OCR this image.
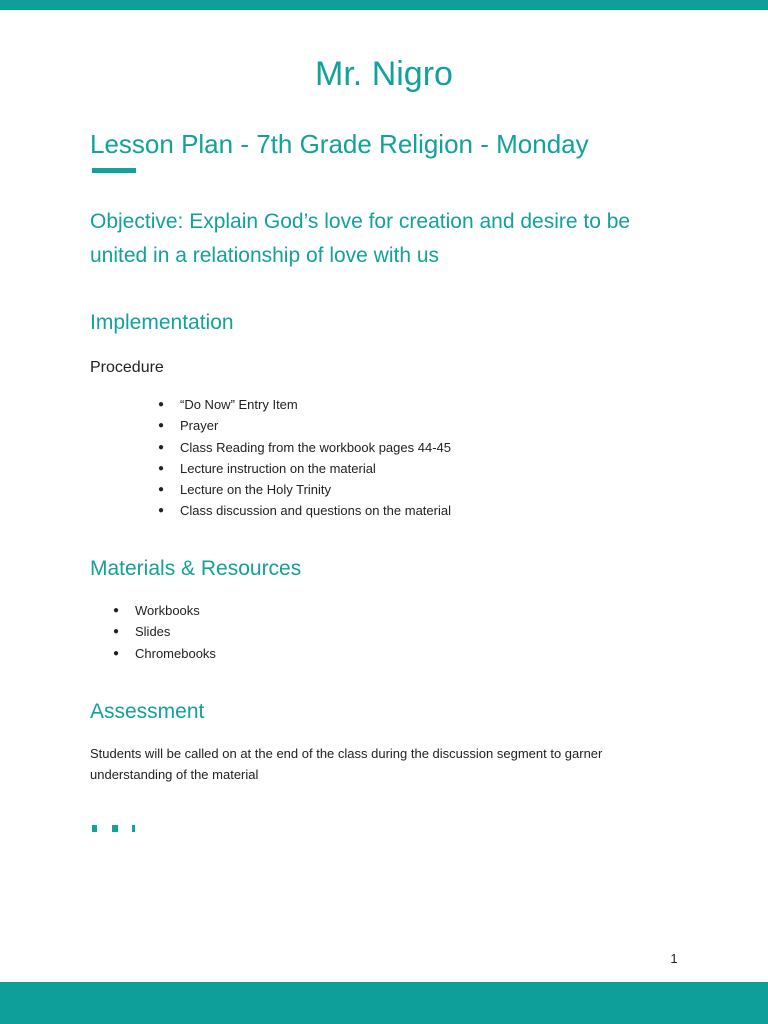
Mr. Nigro
Lesson Plan - 7th Grade Religion - Monday
Objective: Explain God’s love for creation and desire to be united in a relationship of love with us
Implementation
Procedure
● “Do Now” Entry Item
● Prayer
● Class Reading from the workbook pages 44-45
● Lecture instruction on the material
● Lecture on the Holy Trinity
● Class discussion and questions on the material
Materials & Resources
● Workbooks
● Slides
● Chromebooks
Assessment
Students will be called on at the end of the class during the discussion segment to garner understanding of the material
1
